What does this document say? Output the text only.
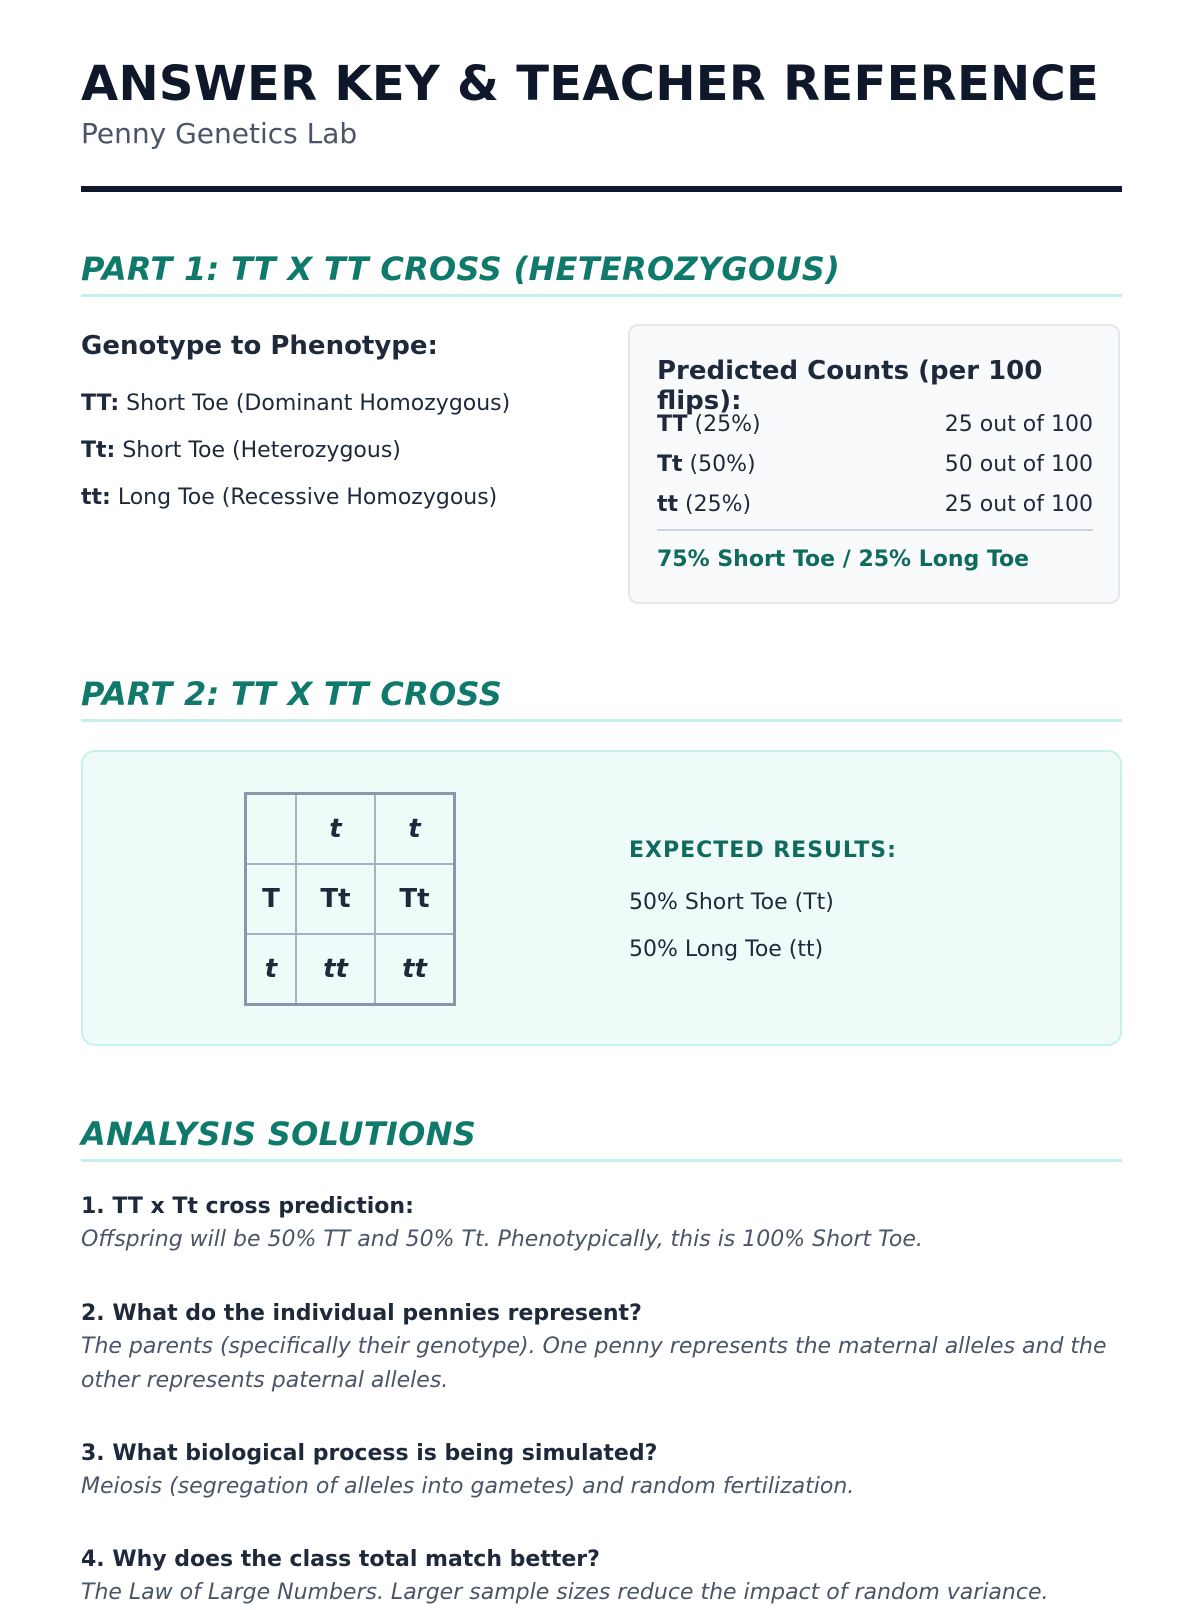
ANSWER KEY & TEACHER REFERENCE
Penny Genetics Lab
PART 1: TT X TT CROSS (HETEROZYGOUS)
Genotype to Phenotype:
TT: Short Toe (Dominant Homozygous)
Tt: Short Toe (Heterozygous)
tt: Long Toe (Recessive Homozygous)
Predicted Counts (per 100 flips):
TT (25%)	25 out of 100
Tt (50%)	50 out of 100
tt (25%)	25 out of 100
75% Short Toe / 25% Long Toe
PART 2: TT X TT CROSS
	t	t
T	Tt	Tt
t	tt	tt
EXPECTED RESULTS:
50% Short Toe (Tt)
50% Long Toe (tt)
ANALYSIS SOLUTIONS
1. TT x Tt cross prediction:
Offspring will be 50% TT and 50% Tt. Phenotypically, this is 100% Short Toe.
2. What do the individual pennies represent?
The parents (specifically their genotype). One penny represents the maternal alleles and the other represents paternal alleles.
3. What biological process is being simulated?
Meiosis (segregation of alleles into gametes) and random fertilization.
4. Why does the class total match better?
The Law of Large Numbers. Larger sample sizes reduce the impact of random variance.
